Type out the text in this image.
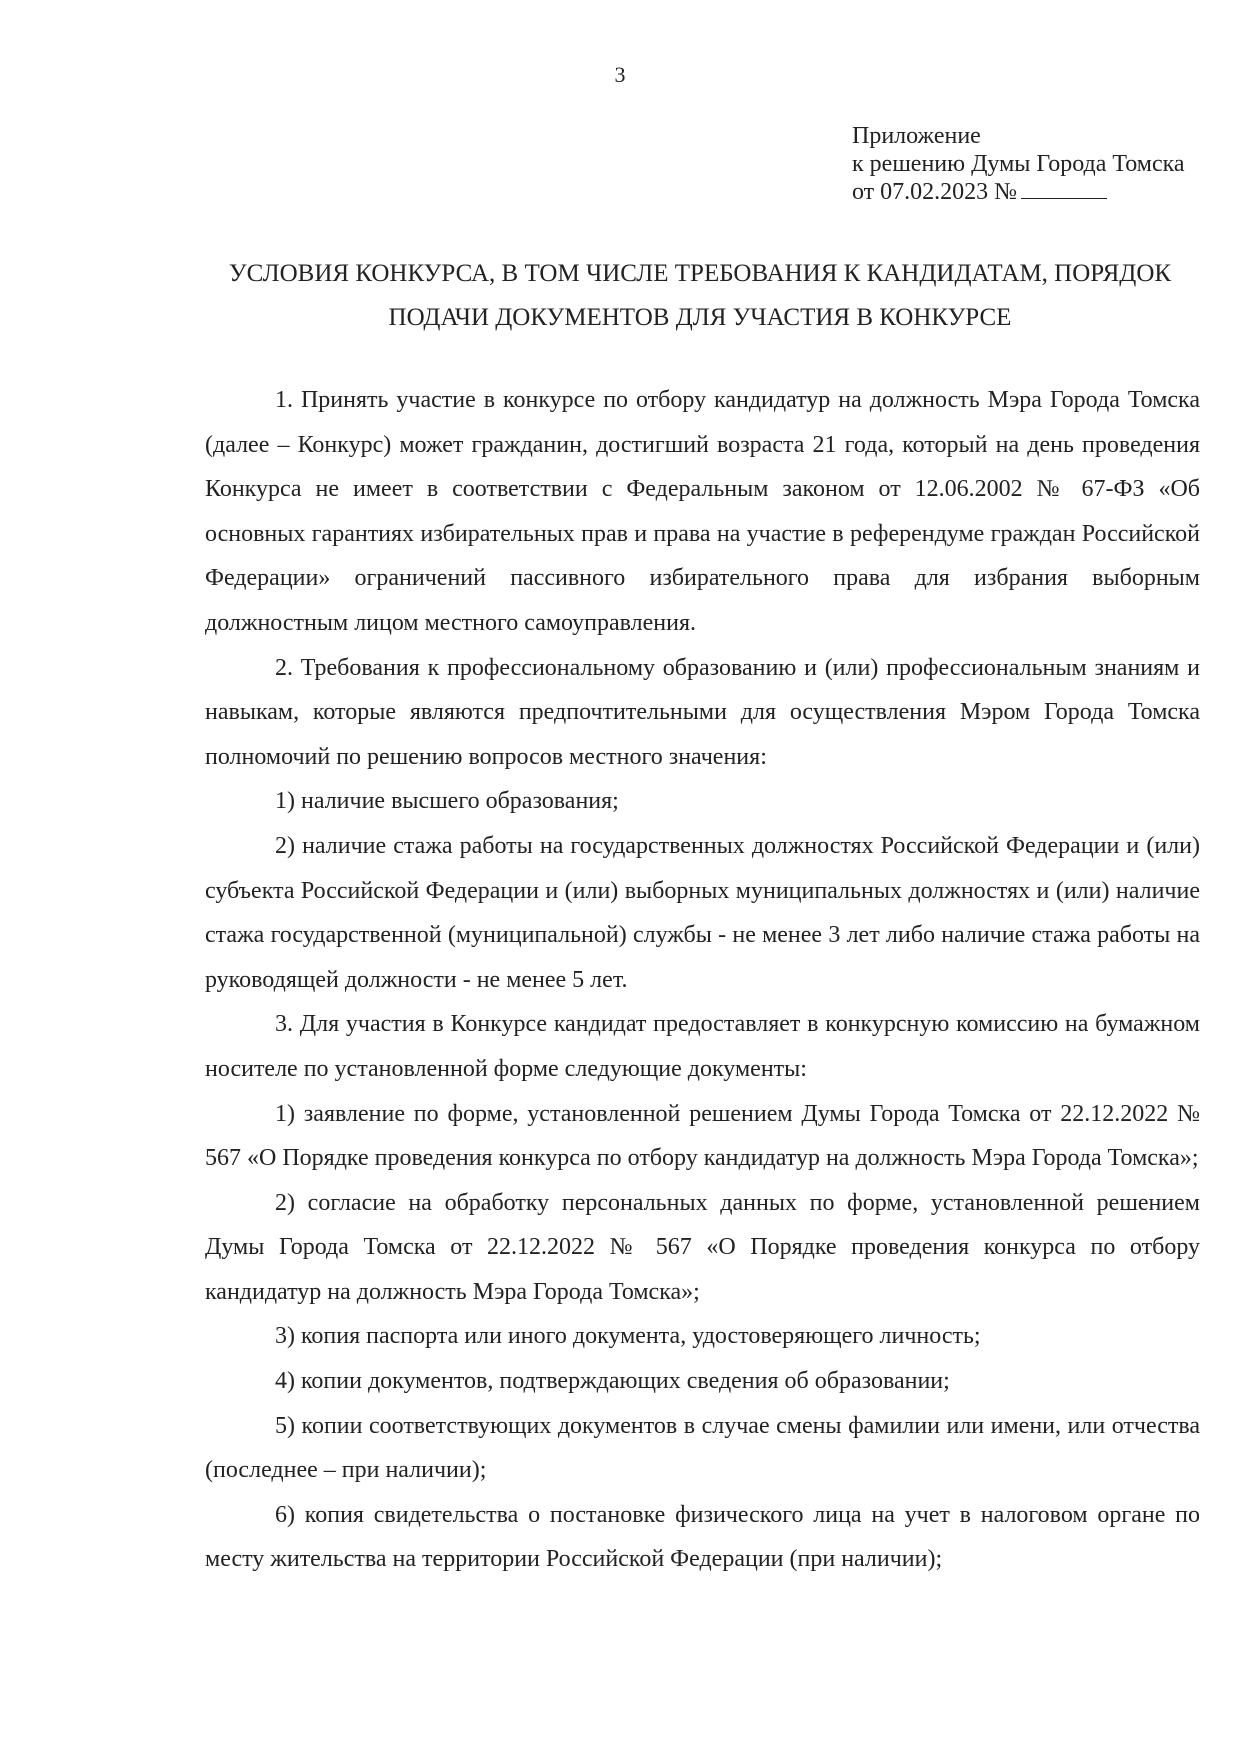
3
Приложение
к решению Думы Города Томска
от 07.02.2023 №
УСЛОВИЯ КОНКУРСА, В ТОМ ЧИСЛЕ ТРЕБОВАНИЯ К КАНДИДАТАМ, ПОРЯДОК
ПОДАЧИ ДОКУМЕНТОВ ДЛЯ УЧАСТИЯ В КОНКУРСЕ

1. Принять участие в конкурсе по отбору кандидатур на должность Мэра Города Томска (далее – Конкурс) может гражданин, достигший возраста 21 года, который на день проведения Конкурса не имеет в соответствии с Федеральным законом от 12.06.2002 № 67-ФЗ «Об основных гарантиях избирательных прав и права на участие в референдуме граждан Российской Федерации» ограничений пассивного избирательного права для избрания выборным должностным лицом местного самоуправления.

2. Требования к профессиональному образованию и (или) профессиональным знаниям и навыкам, которые являются предпочтительными для осуществления Мэром Города Томска полномочий по решению вопросов местного значения:

1) наличие высшего образования;

2) наличие стажа работы на государственных должностях Российской Федерации и (или) субъекта Российской Федерации и (или) выборных муниципальных должностях и (или) наличие стажа государственной (муниципальной) службы - не менее 3 лет либо наличие стажа работы на руководящей должности - не менее 5 лет.

3. Для участия в Конкурсе кандидат предоставляет в конкурсную комиссию на бумажном носителе по установленной форме следующие документы:

1) заявление по форме, установленной решением Думы Города Томска от 22.12.2022 № 567 «О Порядке проведения конкурса по отбору кандидатур на должность Мэра Города Томска»;

2) согласие на обработку персональных данных по форме, установленной решением Думы Города Томска от 22.12.2022 № 567 «О Порядке проведения конкурса по отбору кандидатур на должность Мэра Города Томска»;

3) копия паспорта или иного документа, удостоверяющего личность;

4) копии документов, подтверждающих сведения об образовании;

5) копии соответствующих документов в случае смены фамилии или имени, или отчества (последнее – при наличии);

6) копия свидетельства о постановке физического лица на учет в налоговом органе по месту жительства на территории Российской Федерации (при наличии);
